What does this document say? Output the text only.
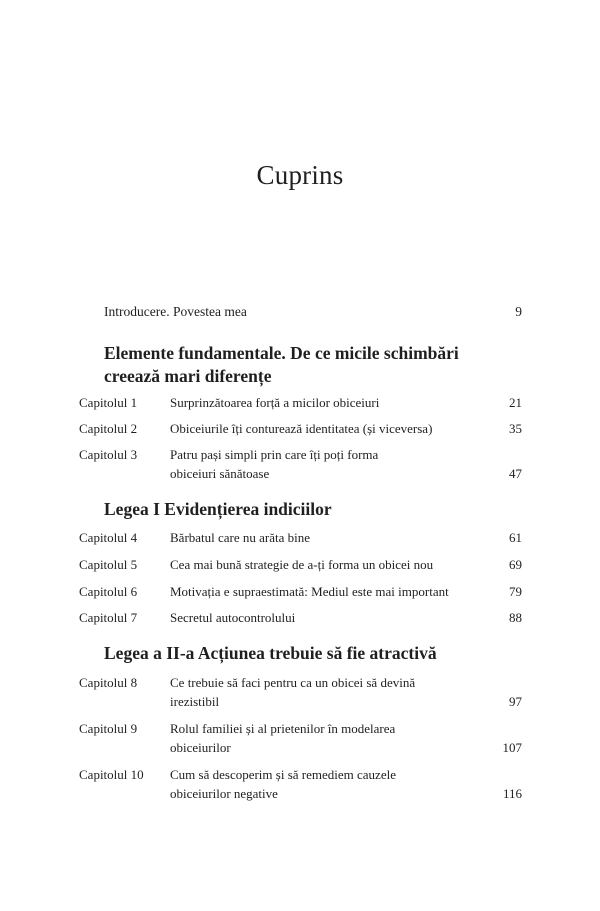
Cuprins
Introducere. Povestea mea	9
Elemente fundamentale. De ce micile schimbări creează mari diferențe
Capitolul 1	Surprinzătoarea forță a micilor obiceiuri	21
Capitolul 2	Obiceiurile îți conturează identitatea (și viceversa)	35
Capitolul 3	Patru pași simpli prin care îți poți forma obiceiuri sănătoase	47
Legea I Evidențierea indiciilor
Capitolul 4	Bărbatul care nu arăta bine	61
Capitolul 5	Cea mai bună strategie de a-ți forma un obicei nou	69
Capitolul 6	Motivația e supraestimată: Mediul este mai important	79
Capitolul 7	Secretul autocontrolului	88
Legea a II-a Acțiunea trebuie să fie atractivă
Capitolul 8	Ce trebuie să faci pentru ca un obicei să devină irezistibil	97
Capitolul 9	Rolul familiei și al prietenilor în modelarea obiceiurilor	107
Capitolul 10 Cum să descoperim și să remediem cauzele obiceiurilor negative	116
